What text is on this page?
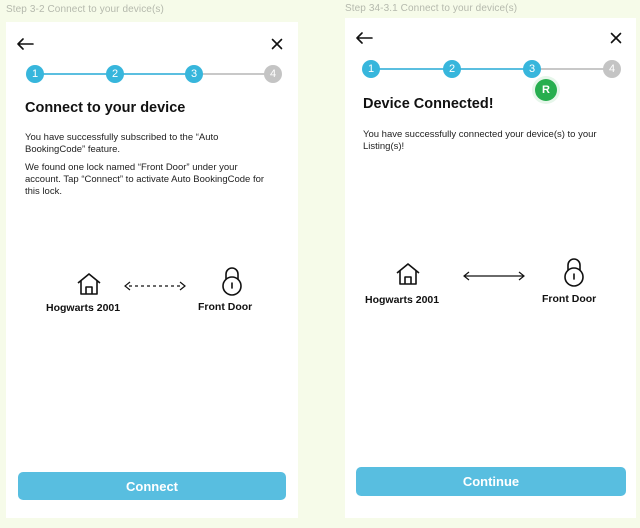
Step 3-2 Connect to your device(s)
1	2	3	4
Connect to your device
You have successfully subscribed to the “Auto BookingCode” feature.
We found one lock named “Front Door” under your account. Tap “Connect” to activate Auto BookingCode for this lock.
Hogwarts 2001	Front Door
Connect
Step 34-3.1 Connect to your device(s)
1	2	3	4
R
Device Connected!
You have successfully connected your device(s) to your Listing(s)!
Hogwarts 2001	Front Door
Continue
